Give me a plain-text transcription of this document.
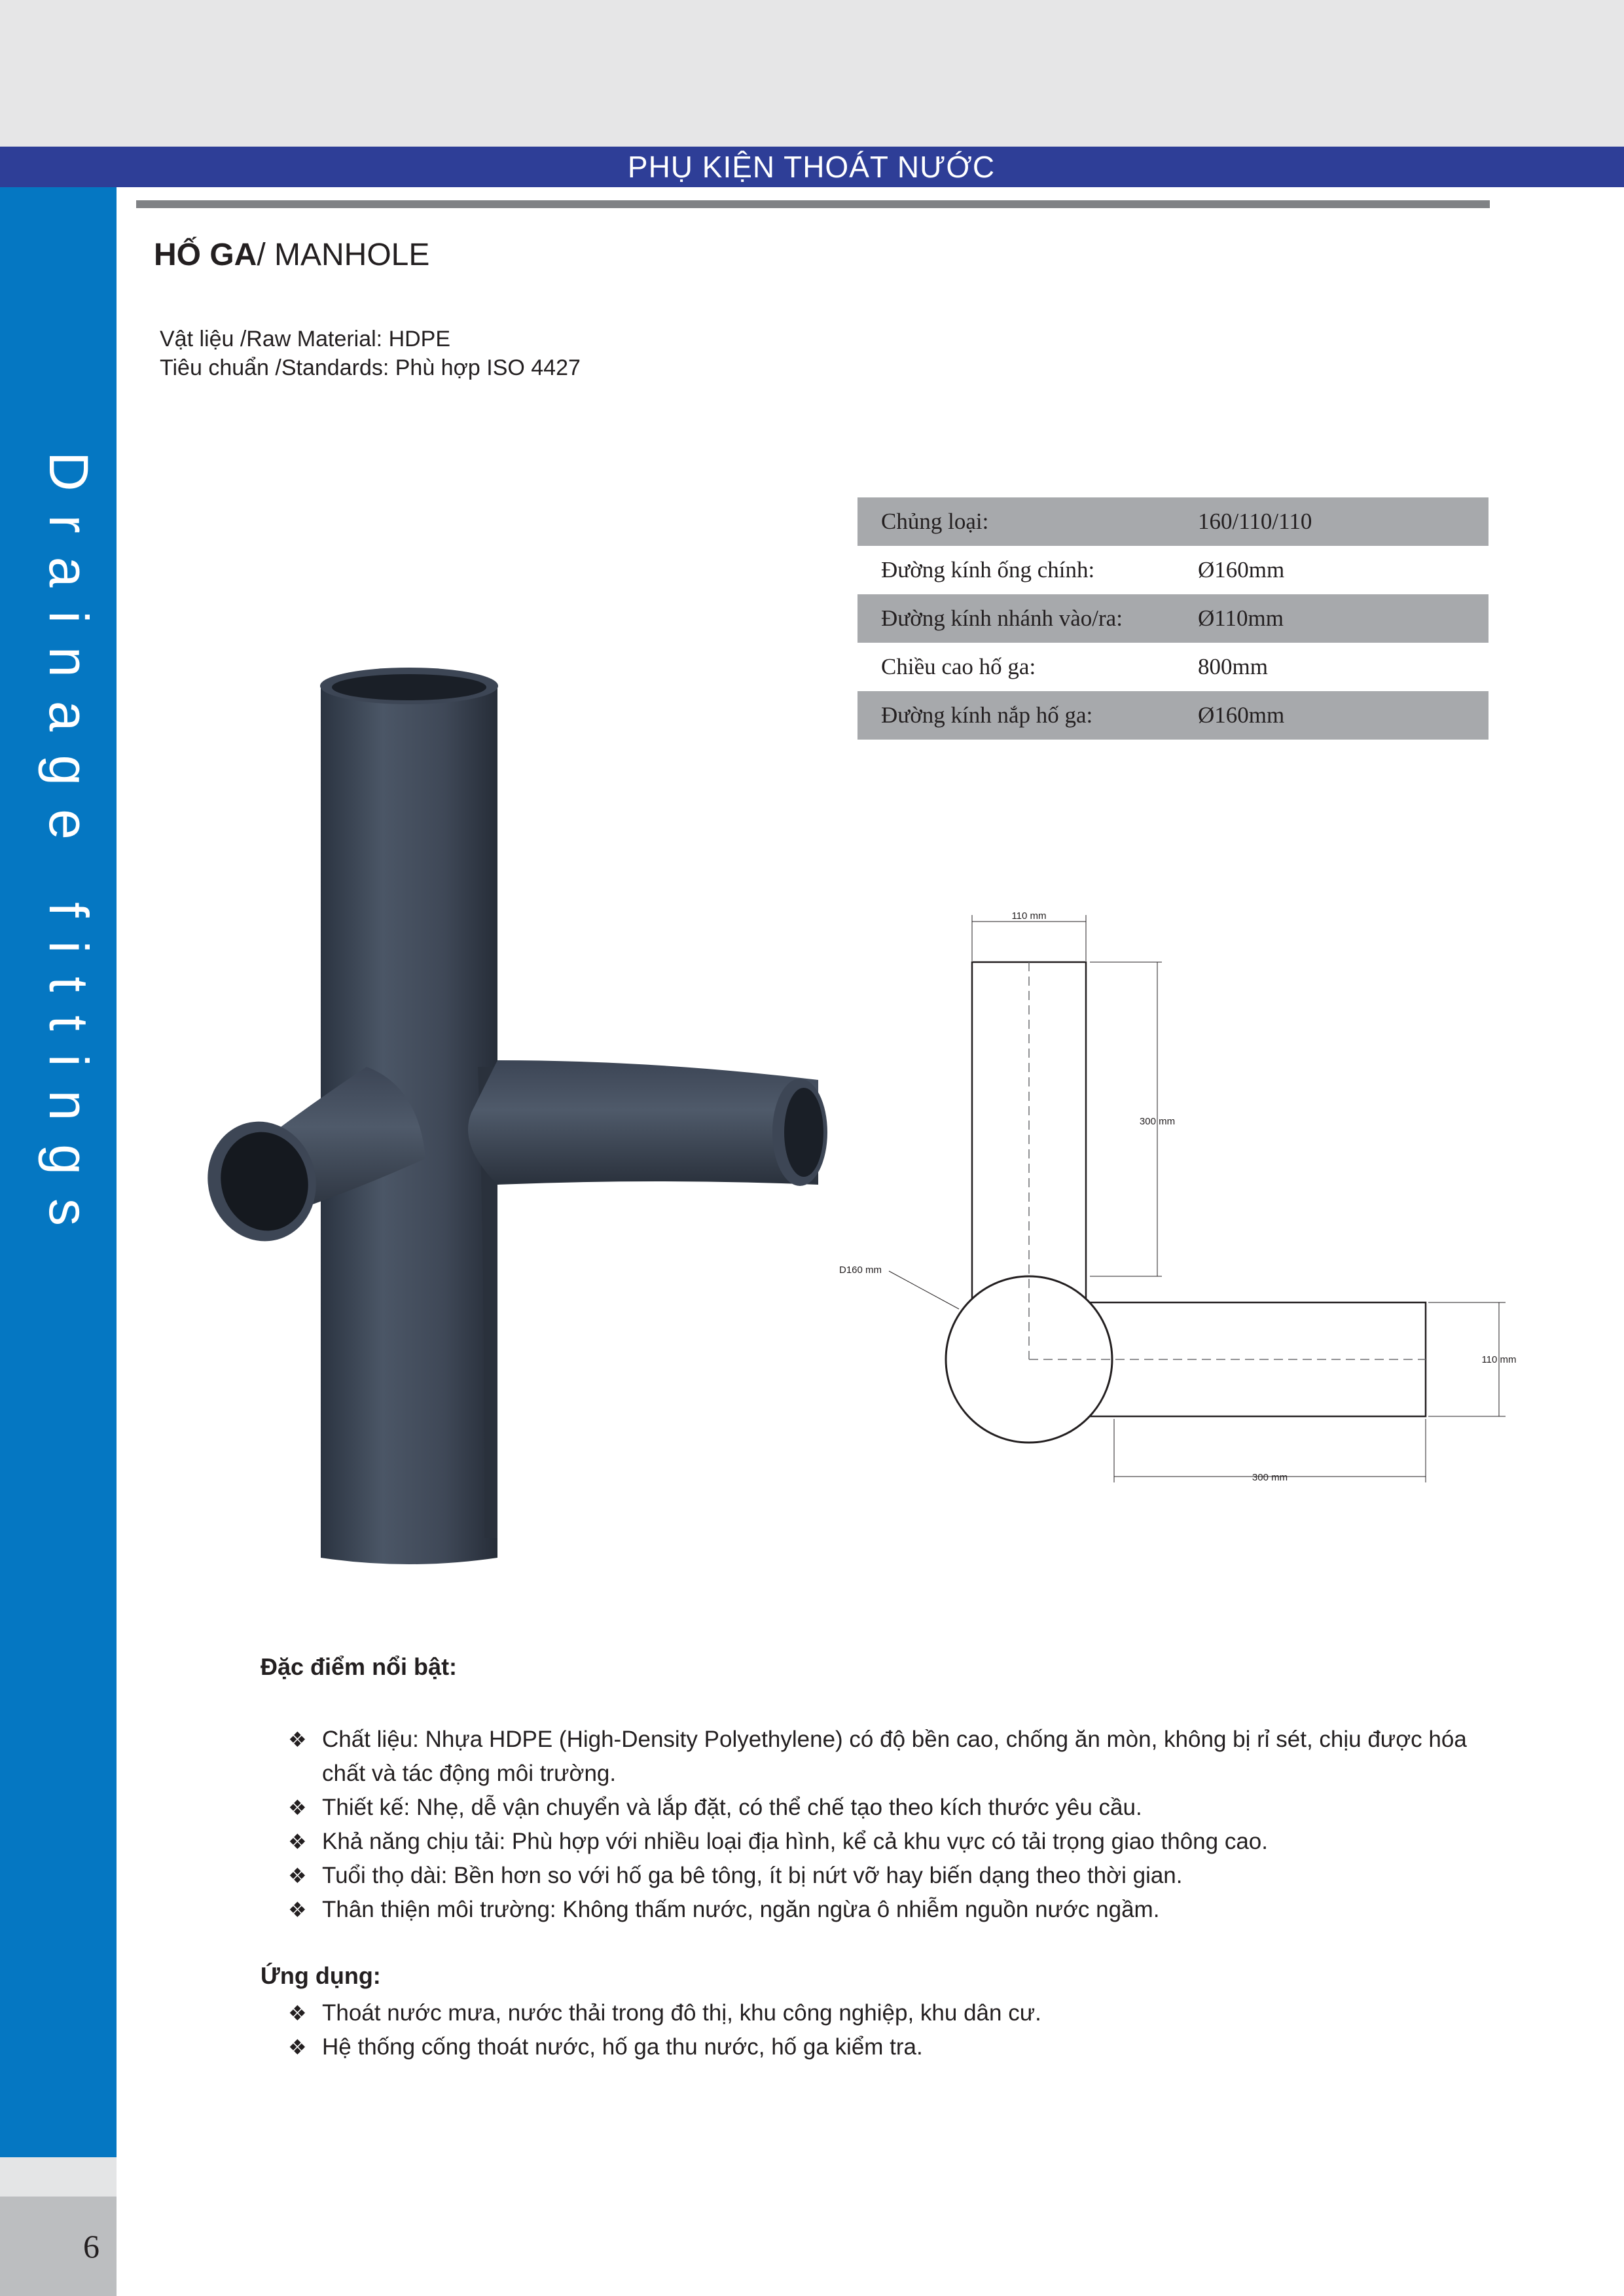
PHỤ KIỆN THOÁT NƯỚC
Drainage fittings
6
HỐ GA/ MANHOLE
Vật liệu /Raw Material: HDPE
Tiêu chuẩn /Standards: Phù hợp ISO 4427
Chủng loại:	160/110/110
Đường kính ống chính:	Ø160mm
Đường kính nhánh vào/ra:	Ø110mm
Chiều cao hố ga:	800mm
Đường kính nắp hố ga:	Ø160mm
110 mm
300 mm
D160 mm
110 mm
300 mm
Đặc điểm nổi bật:
❖ Chất liệu: Nhựa HDPE (High-Density Polyethylene) có độ bền cao, chống ăn mòn, không bị rỉ sét, chịu được hóa
chất và tác động môi trường.
❖ Thiết kế: Nhẹ, dễ vận chuyển và lắp đặt, có thể chế tạo theo kích thước yêu cầu.
❖ Khả năng chịu tải: Phù hợp với nhiều loại địa hình, kể cả khu vực có tải trọng giao thông cao.
❖ Tuổi thọ dài: Bền hơn so với hố ga bê tông, ít bị nứt vỡ hay biến dạng theo thời gian.
❖ Thân thiện môi trường: Không thấm nước, ngăn ngừa ô nhiễm nguồn nước ngầm.
Ứng dụng:
❖ Thoát nước mưa, nước thải trong đô thị, khu công nghiệp, khu dân cư.
❖ Hệ thống cống thoát nước, hố ga thu nước, hố ga kiểm tra.
